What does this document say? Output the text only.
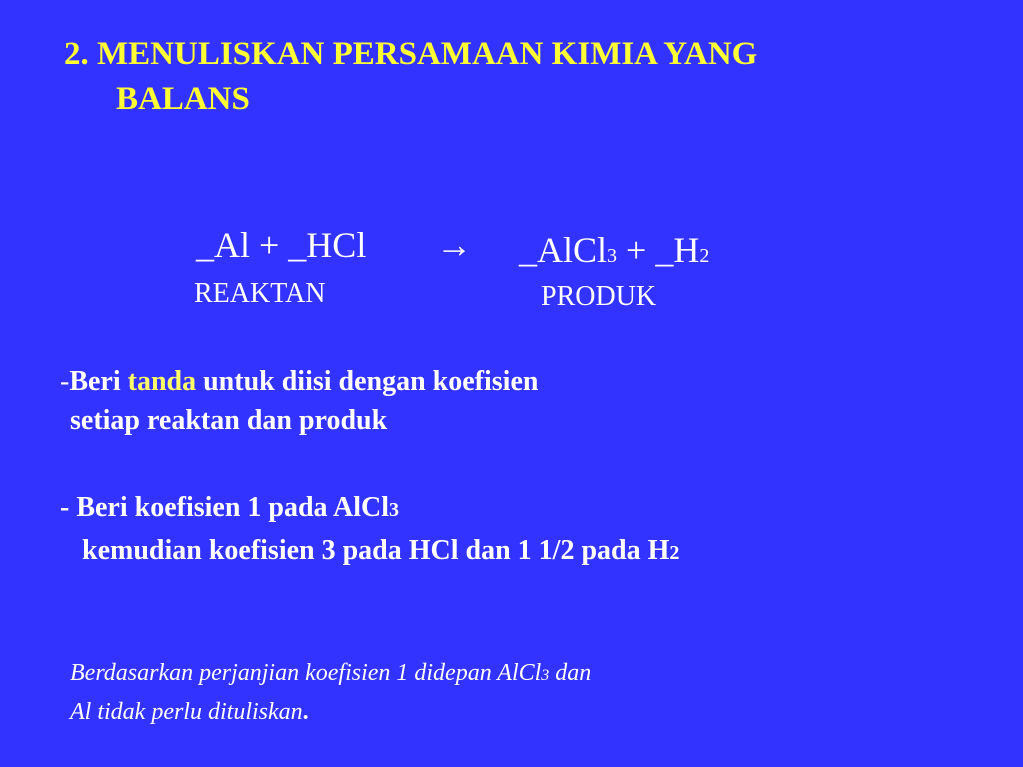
2. MENULISKAN PERSAMAAN KIMIA YANG
BALANS
_Al + _HCl → _AlCl3 + _H2
REAKTAN	PRODUK
-Beri tanda untuk diisi dengan koefisien
setiap reaktan dan produk
- Beri koefisien 1 pada AlCl3
kemudian koefisien 3 pada HCl dan 1 1/2 pada H2
Berdasarkan perjanjian koefisien 1 didepan AlCl3 dan
Al tidak perlu dituliskan.
